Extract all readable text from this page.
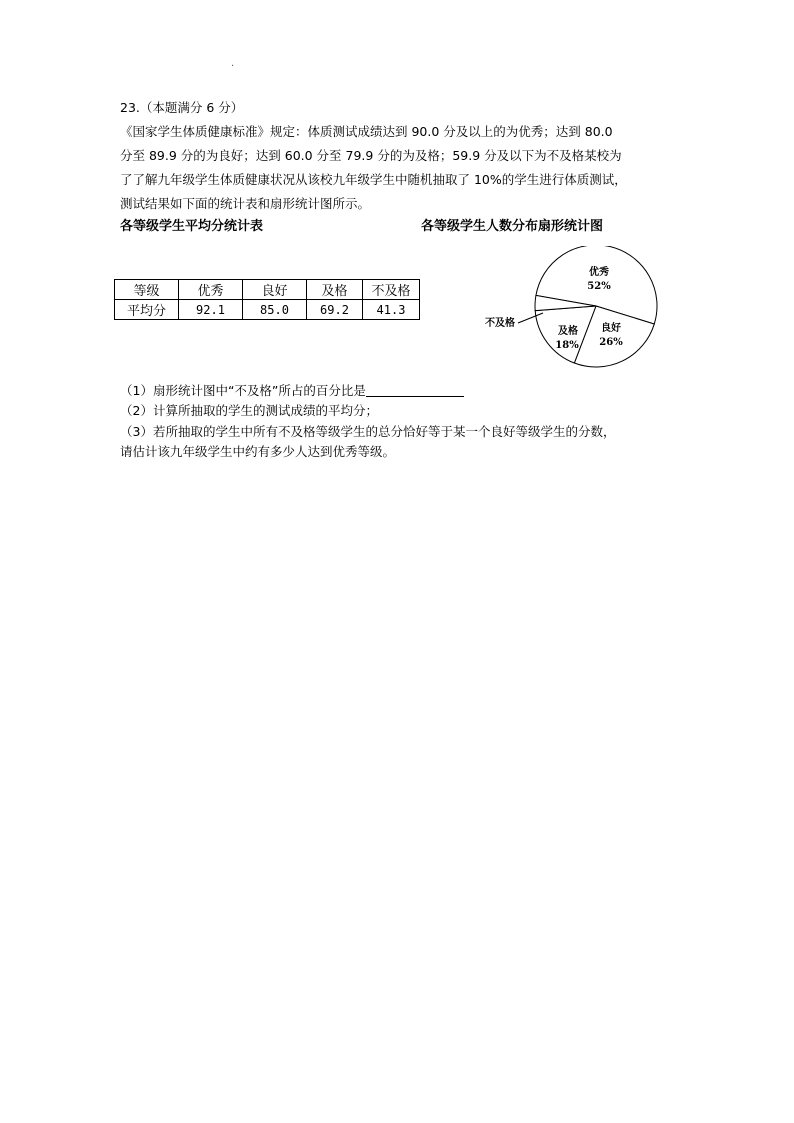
.
23.（本题满分 6 分）
《国家学生体质健康标准》规定：体质测试成绩达到 90.0 分及以上的为优秀；达到 80.0
分至 89.9 分的为良好；达到 60.0 分至 79.9 分的为及格；59.9 分及以下为不及格某校为
了了解九年级学生体质健康状况从该校九年级学生中随机抽取了 10%的学生进行体质测试，
测试结果如下面的统计表和扇形统计图所示。
各等级学生平均分统计表	各等级学生人数分布扇形统计图
等级	优秀	良好	及格	不及格
平均分	92.1	85.0	69.2	41.3
优秀
52%
良好
26%
及格
18%
不及格
（1）扇形统计图中“不及格”所占的百分比是
（2）计算所抽取的学生的测试成绩的平均分；
（3）若所抽取的学生中所有不及格等级学生的总分恰好等于某一个良好等级学生的分数，
请估计该九年级学生中约有多少人达到优秀等级。
